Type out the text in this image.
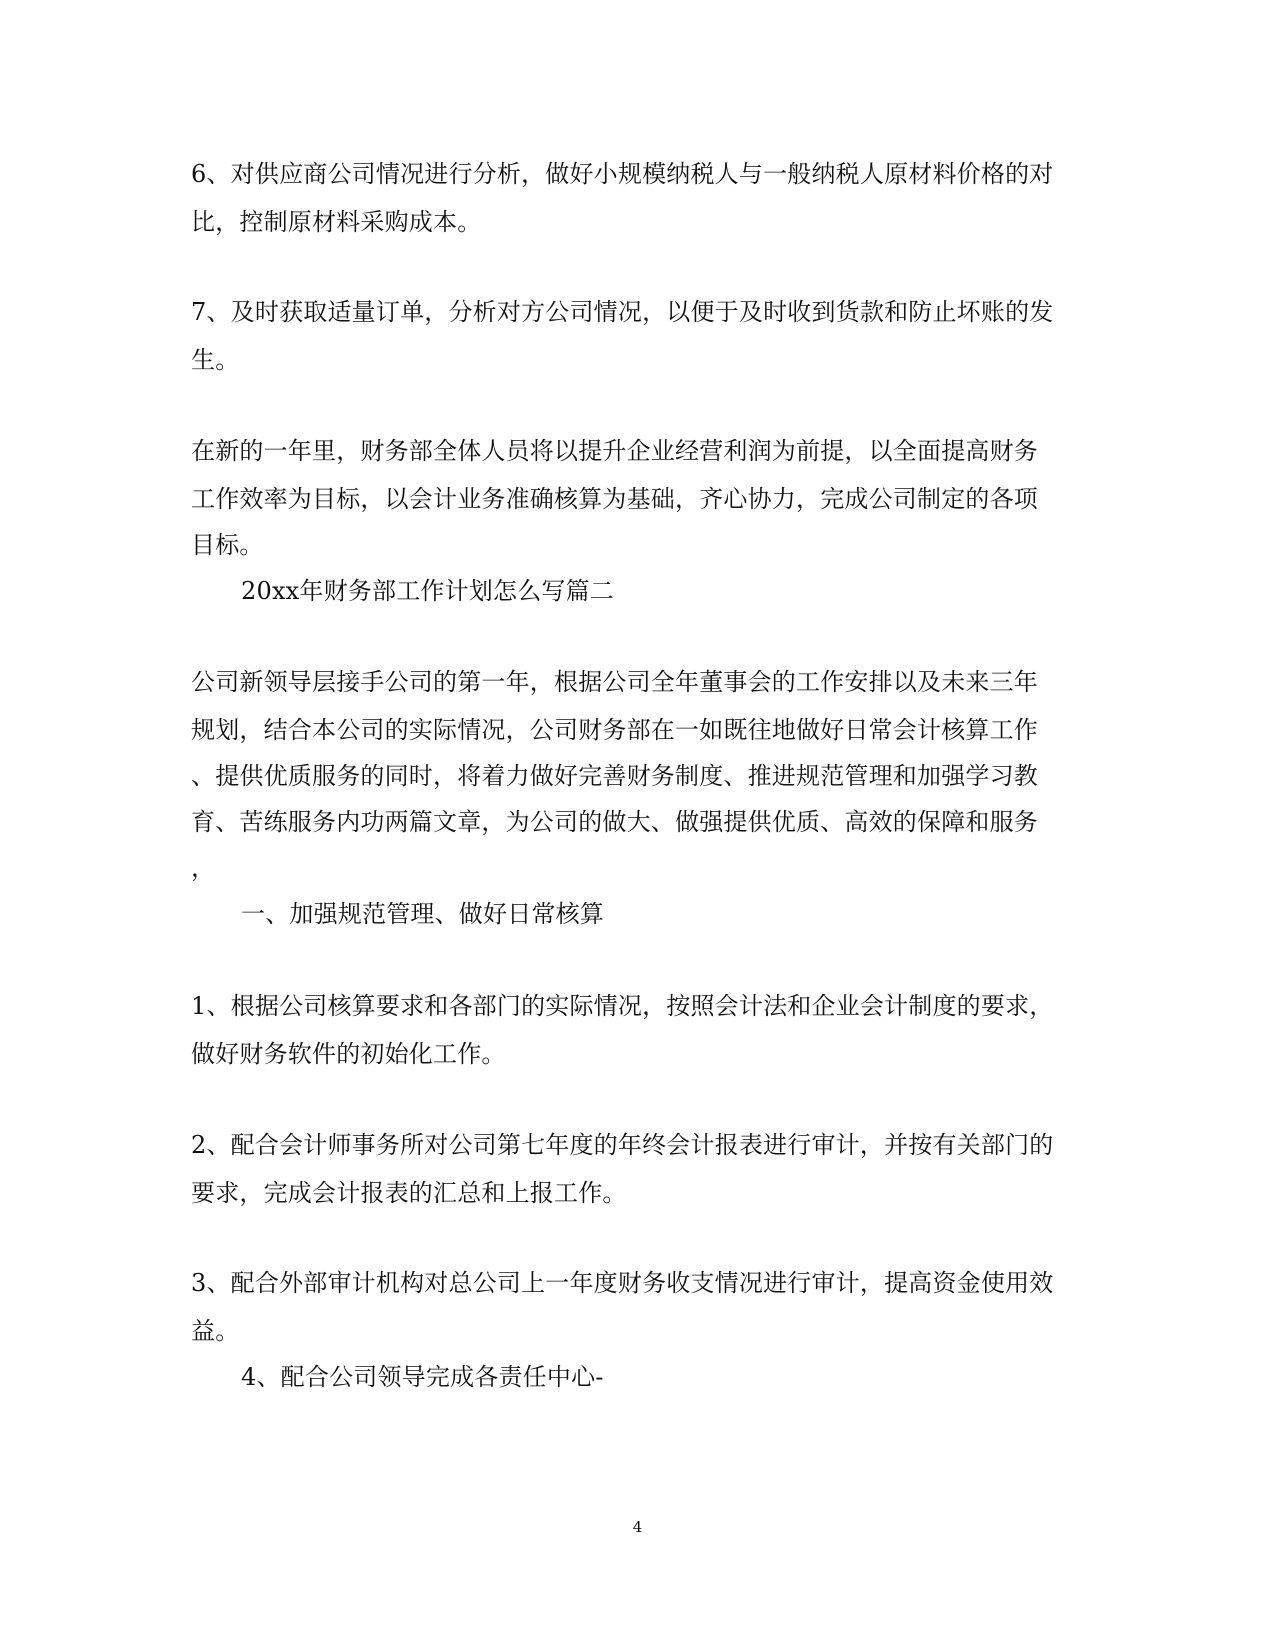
6、对供应商公司情况进行分析，做好小规模纳税人与一般纳税人原材料价格的对
比，控制原材料采购成本。
7、及时获取适量订单，分析对方公司情况，以便于及时收到货款和防止坏账的发
生。
在新的一年里，财务部全体人员将以提升企业经营利润为前提，以全面提高财务
工作效率为目标，以会计业务准确核算为基础，齐心协力，完成公司制定的各项
目标。
20xx年财务部工作计划怎么写篇二
公司新领导层接手公司的第一年，根据公司全年董事会的工作安排以及未来三年
规划，结合本公司的实际情况，公司财务部在一如既往地做好日常会计核算工作
、提供优质服务的同时，将着力做好完善财务制度、推进规范管理和加强学习教
育、苦练服务内功两篇文章，为公司的做大、做强提供优质、高效的保障和服务
，
一、加强规范管理、做好日常核算
1、根据公司核算要求和各部门的实际情况，按照会计法和企业会计制度的要求，
做好财务软件的初始化工作。
2、配合会计师事务所对公司第七年度的年终会计报表进行审计，并按有关部门的
要求，完成会计报表的汇总和上报工作。
3、配合外部审计机构对总公司上一年度财务收支情况进行审计，提高资金使用效
益。
4、配合公司领导完成各责任中心-
4
